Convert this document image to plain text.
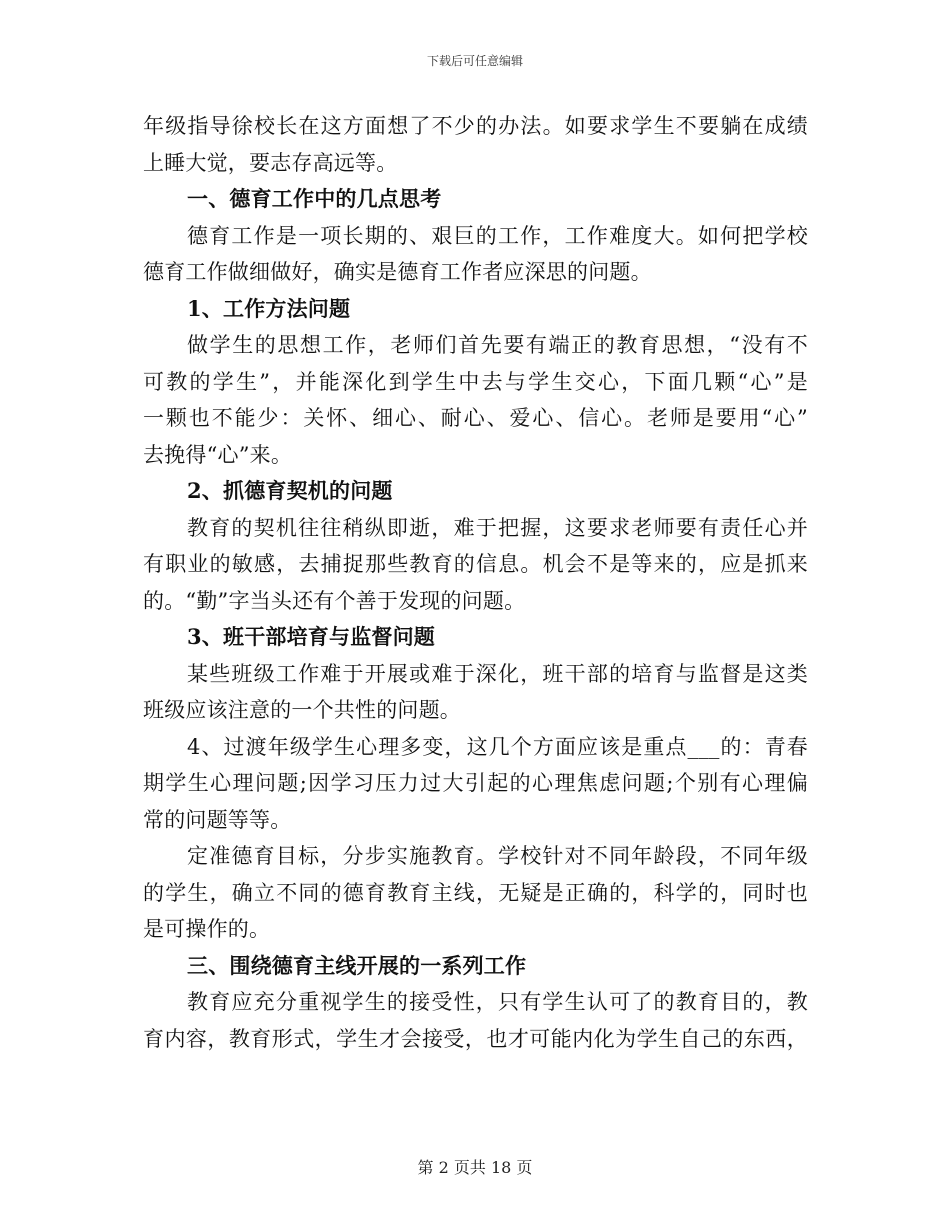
下载后可任意编辑
年级指导徐校长在这方面想了不少的办法。如要求学生不要躺在成绩
上睡大觉，要志存高远等。
一、德育工作中的几点思考
德育工作是一项长期的、艰巨的工作，工作难度大。如何把学校
德育工作做细做好，确实是德育工作者应深思的问题。
1、工作方法问题
做学生的思想工作，老师们首先要有端正的教育思想，“没有不
可教的学生”，并能深化到学生中去与学生交心，下面几颗“心”是
一颗也不能少：关怀、细心、耐心、爱心、信心。老师是要用“心”
去挽得“心”来。
2、抓德育契机的问题
教育的契机往往稍纵即逝，难于把握，这要求老师要有责任心并
有职业的敏感，去捕捉那些教育的信息。机会不是等来的，应是抓来
的。“勤”字当头还有个善于发现的问题。
3、班干部培育与监督问题
某些班级工作难于开展或难于深化，班干部的培育与监督是这类
班级应该注意的一个共性的问题。
4、过渡年级学生心理多变，这几个方面应该是重点___的：青春
期学生心理问题;因学习压力过大引起的心理焦虑问题;个别有心理偏
常的问题等等。
定准德育目标，分步实施教育。学校针对不同年龄段，不同年级
的学生，确立不同的德育教育主线，无疑是正确的，科学的，同时也
是可操作的。
三、围绕德育主线开展的一系列工作
教育应充分重视学生的接受性，只有学生认可了的教育目的，教
育内容，教育形式，学生才会接受，也才可能内化为学生自己的东西，
第 2 页共 18 页
